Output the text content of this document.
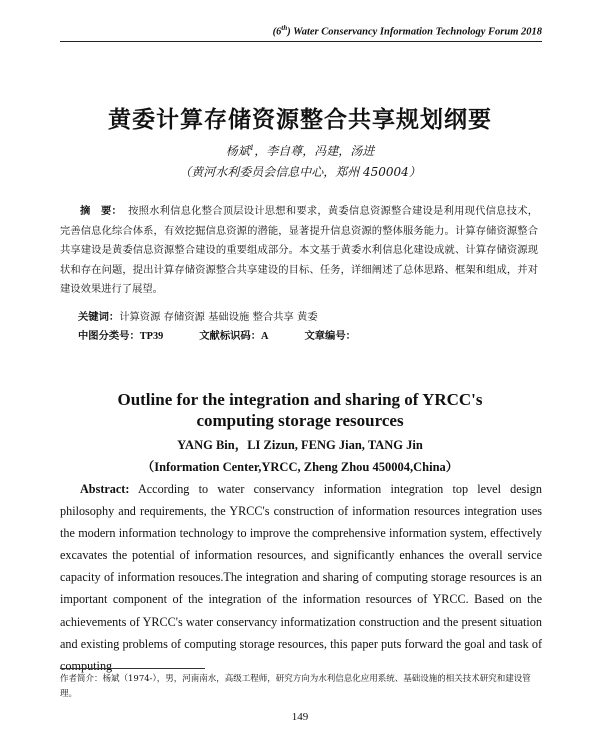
(6th) Water Conservancy Information Technology Forum 2018
黄委计算存储资源整合共享规划纲要
杨斌$^1$，李自尊，冯建，汤进
（黄河水利委员会信息中心，郑州 450004）
摘　要： 按照水利信息化整合顶层设计思想和要求，黄委信息资源整合建设是利用现代信息技术，完善信息化综合体系，有效挖掘信息资源的潜能，显著提升信息资源的整体服务能力。计算存储资源整合共享建设是黄委信息资源整合建设的重要组成部分。本文基于黄委水利信息化建设成就、计算存储资源现状和存在问题，提出计算存储资源整合共享建设的目标、任务，详细阐述了总体思路、框架和组成，并对建设效果进行了展望。
关键词：计算资源 存储资源 基础设施 整合共享 黄委
中图分类号：TP39	文献标识码：A	文章编号：
Outline for the integration and sharing of YRCC's
computing storage resources
YANG Bin，LI Zizun, FENG Jian, TANG Jin
（Information Center,YRCC, Zheng Zhou 450004,China）
Abstract: According to water conservancy information integration top level design philosophy and requirements, the YRCC's construction of information resources integration uses the modern information technology to improve the comprehensive information system, effectively excavates the potential of information resources, and significantly enhances the overall service capacity of information resouces.The integration and sharing of computing storage resources is an important component of the integration of the information resources of YRCC. Based on the achievements of YRCC's water conservancy informatization construction and the present situation and existing problems of computing storage resources, this paper puts forward the goal and task of computing
作者简介：杨斌（1974-），男，河南南水，高级工程师，研究方向为水利信息化应用系统、基础设施的相关技术研究和建设管理。
149
